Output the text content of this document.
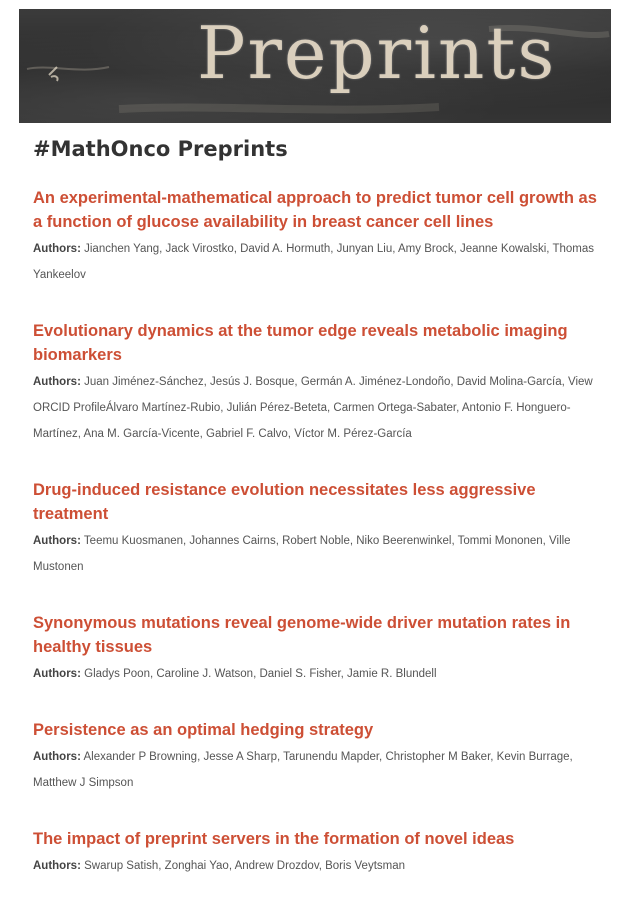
Preprints
#MathOnco Preprints
An experimental-mathematical approach to predict tumor cell growth as a function of glucose availability in breast cancer cell lines
Authors: Jianchen Yang, Jack Virostko, David A. Hormuth, Junyan Liu, Amy Brock, Jeanne Kowalski, Thomas Yankeelov
Evolutionary dynamics at the tumor edge reveals metabolic imaging biomarkers
Authors: Juan Jiménez-Sánchez, Jesús J. Bosque, Germán A. Jiménez-Londoño, David Molina-García, View ORCID ProfileÁlvaro Martínez-Rubio, Julián Pérez-Beteta, Carmen Ortega-Sabater, Antonio F. Honguero-Martínez, Ana M. García-Vicente, Gabriel F. Calvo, Víctor M. Pérez-García
Drug-induced resistance evolution necessitates less aggressive treatment
Authors: Teemu Kuosmanen, Johannes Cairns, Robert Noble, Niko Beerenwinkel, Tommi Mononen, Ville Mustonen
Synonymous mutations reveal genome-wide driver mutation rates in healthy tissues
Authors: Gladys Poon, Caroline J. Watson, Daniel S. Fisher, Jamie R. Blundell
Persistence as an optimal hedging strategy
Authors: Alexander P Browning, Jesse A Sharp, Tarunendu Mapder, Christopher M Baker, Kevin Burrage, Matthew J Simpson
The impact of preprint servers in the formation of novel ideas
Authors: Swarup Satish, Zonghai Yao, Andrew Drozdov, Boris Veytsman
